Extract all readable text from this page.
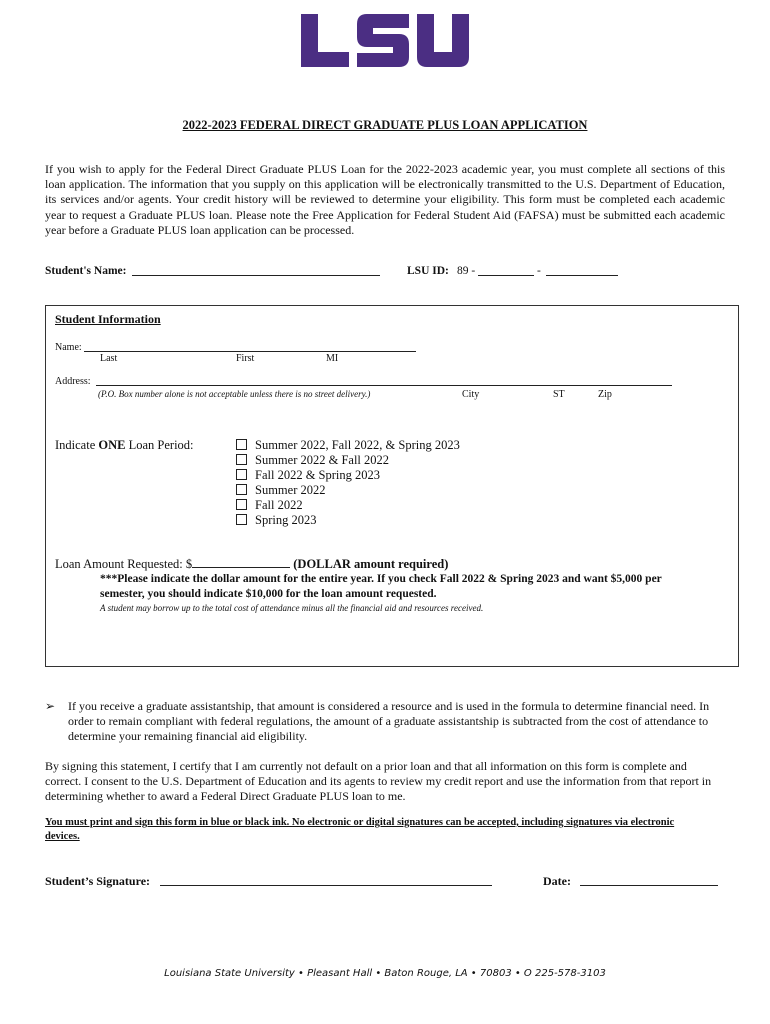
2022-2023 FEDERAL DIRECT GRADUATE PLUS LOAN APPLICATION
If you wish to apply for the Federal Direct Graduate PLUS Loan for the 2022-2023 academic year, you must complete all sections of this loan application. The information that you supply on this application will be electronically transmitted to the U.S. Department of Education, its services and/or agents. Your credit history will be reviewed to determine your eligibility. This form must be completed each academic year to request a Graduate PLUS loan. Please note the Free Application for Federal Student Aid (FAFSA) must be submitted each academic year before a Graduate PLUS loan application can be processed.
Student's Name:	LSU ID: 89 -	-
Student Information
Name:
Last	First	MI
Address:
(P.O. Box number alone is not acceptable unless there is no street delivery.)	City	ST	Zip
Indicate ONE Loan Period:	Summer 2022, Fall 2022, & Spring 2023
Summer 2022 & Fall 2022
Fall 2022 & Spring 2023
Summer 2022
Fall 2022
Spring 2023
Loan Amount Requested: $	(DOLLAR amount required)
***Please indicate the dollar amount for the entire year. If you check Fall 2022 & Spring 2023 and want $5,000 per
semester, you should indicate $10,000 for the loan amount requested.
A student may borrow up to the total cost of attendance minus all the financial aid and resources received.
➢ If you receive a graduate assistantship, that amount is considered a resource and is used in the formula to determine financial need. In order to remain compliant with federal regulations, the amount of a graduate assistantship is subtracted from the cost of attendance to determine your remaining financial aid eligibility.
By signing this statement, I certify that I am currently not default on a prior loan and that all information on this form is complete and correct. I consent to the U.S. Department of Education and its agents to review my credit report and use the information from that report in determining whether to award a Federal Direct Graduate PLUS loan to me.
You must print and sign this form in blue or black ink. No electronic or digital signatures can be accepted, including signatures via electronic devices.
Student’s Signature:	Date:
Louisiana State University • Pleasant Hall • Baton Rouge, LA • 70803 • O 225-578-3103
